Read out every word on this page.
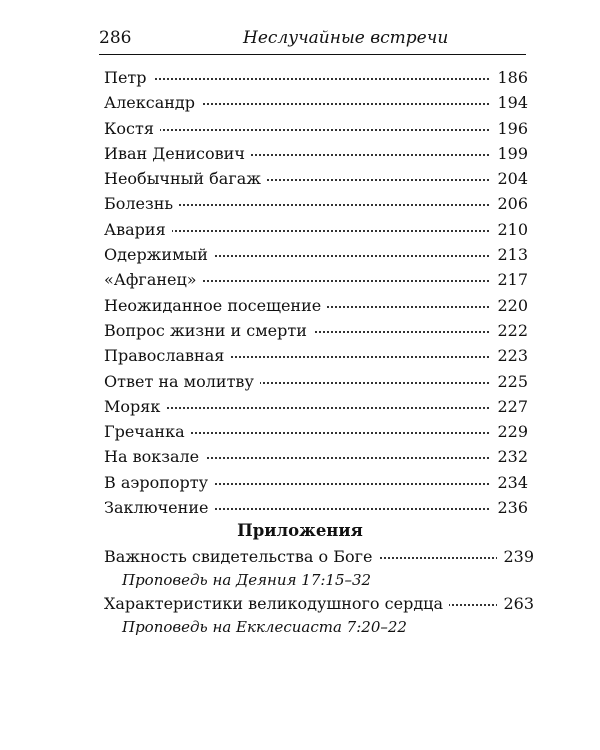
286	Неслучайные встречи
Петр	186
Александр	194
Костя	196
Иван Денисович	199
Необычный багаж	204
Болезнь	206
Авария	210
Одержимый	213
«Афганец»	217
Неожиданное посещение	220
Вопрос жизни и смерти	222
Православная	223
Ответ на молитву	225
Моряк	227
Гречанка	229
На вокзале	232
В аэропорту	234
Заключение	236
Приложения
Важность свидетельства о Боге	239
Проповедь на Деяния 17:15–32
Характеристики великодушного сердца	263
Проповедь на Екклесиаста 7:20–22
